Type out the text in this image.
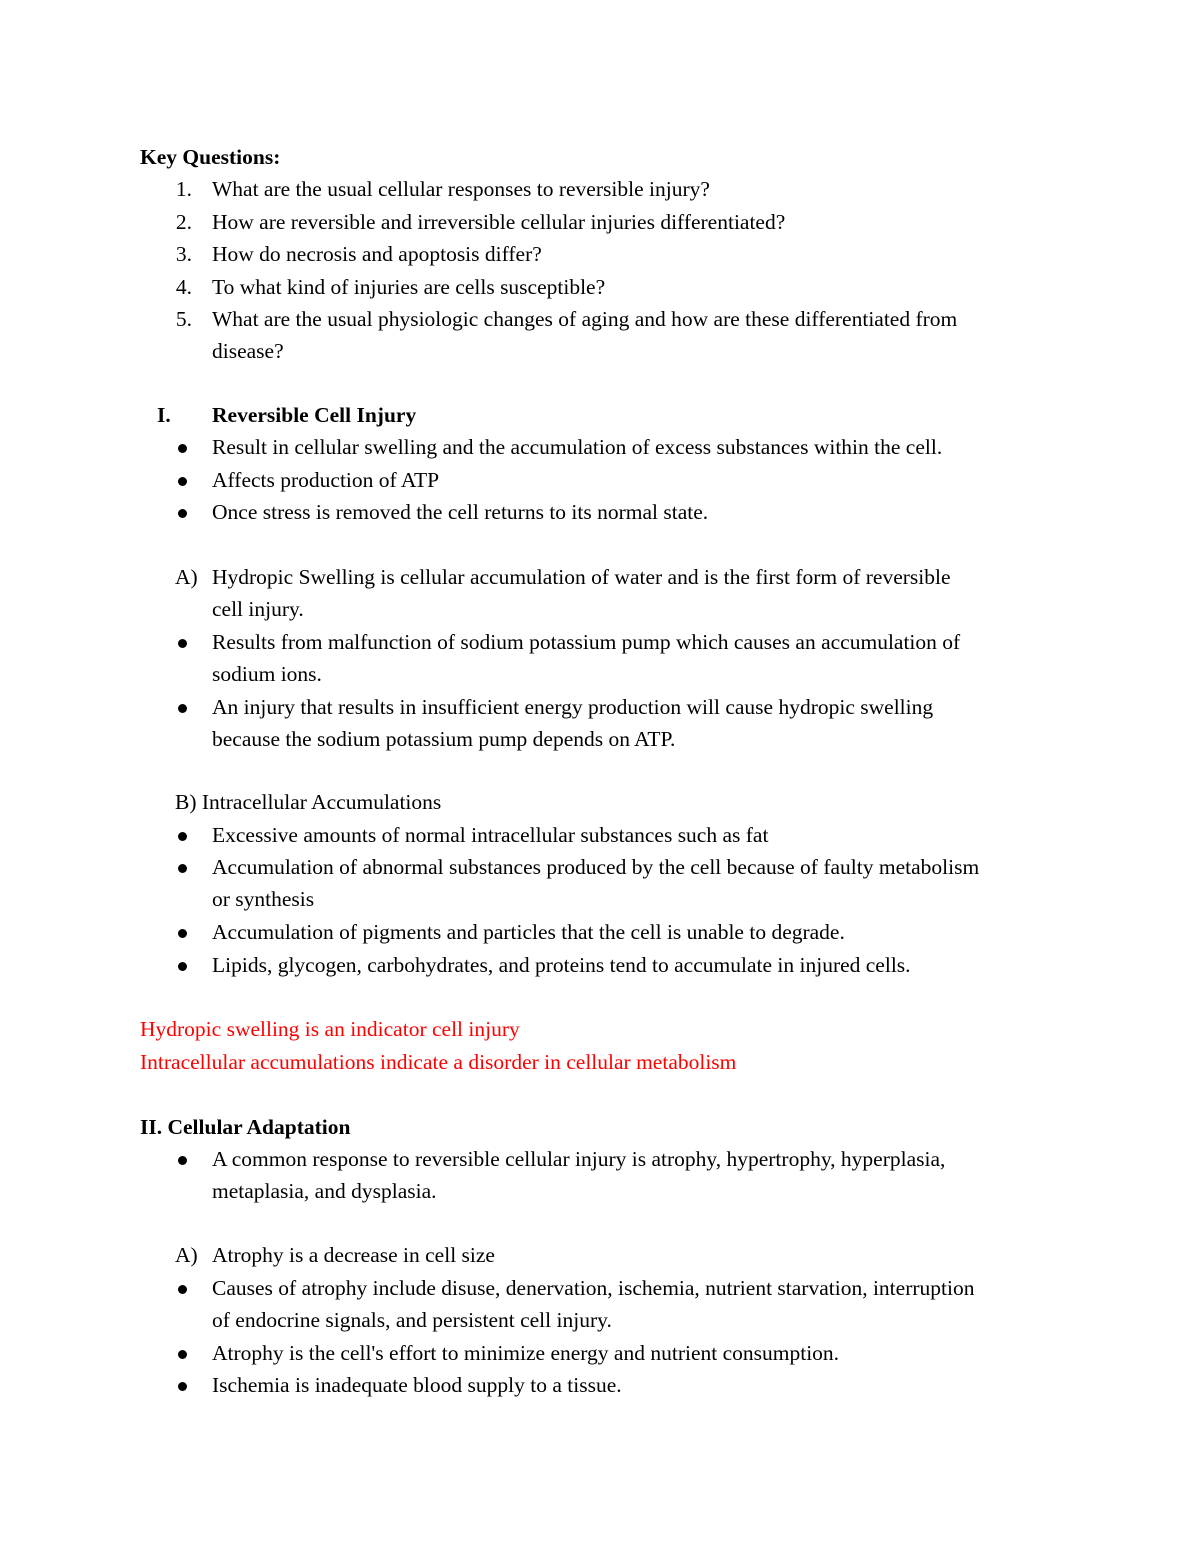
Key Questions:
1. What are the usual cellular responses to reversible injury?
2. How are reversible and irreversible cellular injuries differentiated?
3. How do necrosis and apoptosis differ?
4. To what kind of injuries are cells susceptible?
5. What are the usual physiologic changes of aging and how are these differentiated from
disease?
I. Reversible Cell Injury
Result in cellular swelling and the accumulation of excess substances within the cell.
Affects production of ATP
Once stress is removed the cell returns to its normal state.
A) Hydropic Swelling is cellular accumulation of water and is the first form of reversible
cell injury.
Results from malfunction of sodium potassium pump which causes an accumulation of
sodium ions.
An injury that results in insufficient energy production will cause hydropic swelling
because the sodium potassium pump depends on ATP.
B) Intracellular Accumulations
Excessive amounts of normal intracellular substances such as fat
Accumulation of abnormal substances produced by the cell because of faulty metabolism
or synthesis
Accumulation of pigments and particles that the cell is unable to degrade.
Lipids, glycogen, carbohydrates, and proteins tend to accumulate in injured cells.
Hydropic swelling is an indicator cell injury
Intracellular accumulations indicate a disorder in cellular metabolism
II. Cellular Adaptation
A common response to reversible cellular injury is atrophy, hypertrophy, hyperplasia,
metaplasia, and dysplasia.
A) Atrophy is a decrease in cell size
Causes of atrophy include disuse, denervation, ischemia, nutrient starvation, interruption
of endocrine signals, and persistent cell injury.
Atrophy is the cell's effort to minimize energy and nutrient consumption.
Ischemia is inadequate blood supply to a tissue.
